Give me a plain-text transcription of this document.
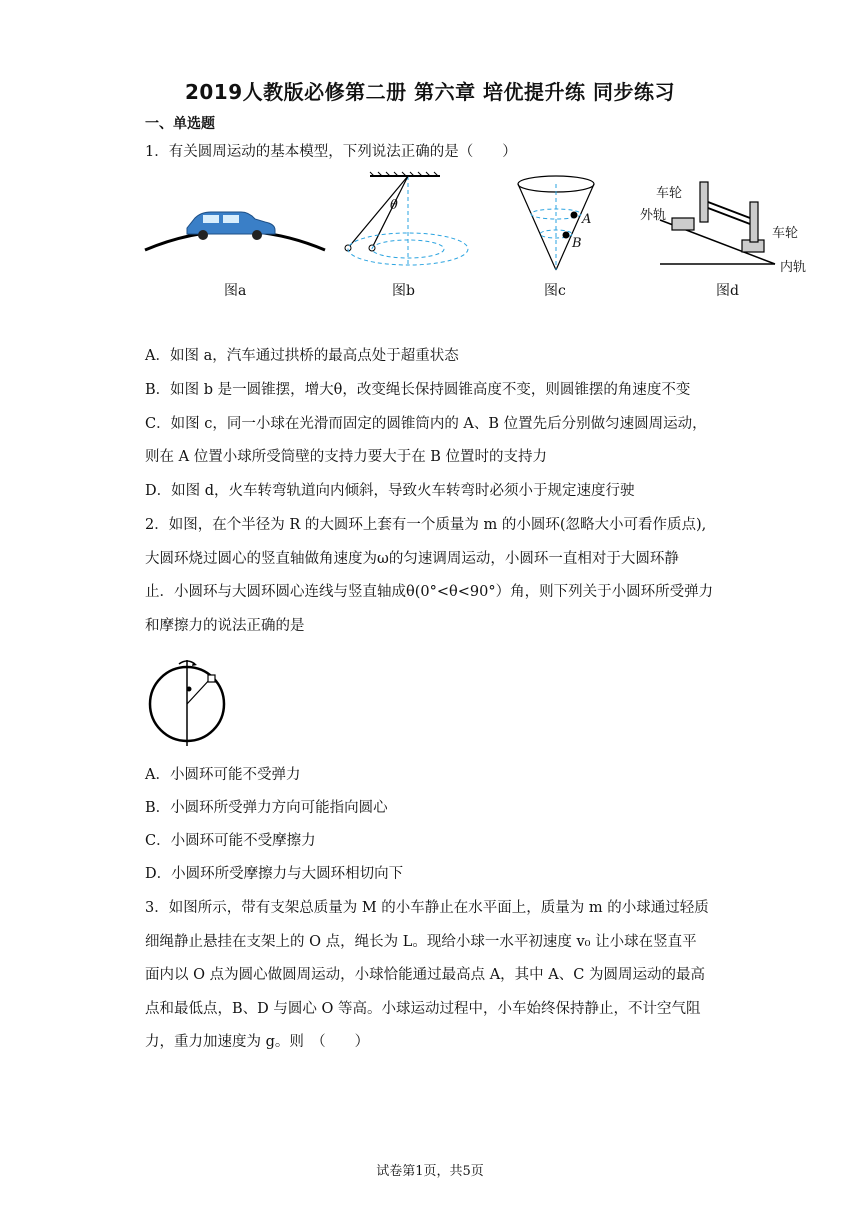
2019人教版必修第二册 第六章 培优提升练 同步练习
一、单选题
1．有关圆周运动的基本模型，下列说法正确的是（　　）
图a
θ
图b
A
B
图c
车轮
外轨
车轮
内轨
图d
A．如图 a，汽车通过拱桥的最高点处于超重状态
B．如图 b 是一圆锥摆，增大θ，改变绳长保持圆锥高度不变，则圆锥摆的角速度不变
C．如图 c，同一小球在光滑而固定的圆锥筒内的 A、B 位置先后分别做匀速圆周运动，
则在 A 位置小球所受筒壁的支持力要大于在 B 位置时的支持力
D．如图 d，火车转弯轨道向内倾斜，导致火车转弯时必须小于规定速度行驶
2．如图，在个半径为 R 的大圆环上套有一个质量为 m 的小圆环(忽略大小可看作质点),
大圆环烧过圆心的竖直轴做角速度为ω的匀速调周运动，小圆环一直相对于大圆环静
止．小圆环与大圆环圆心连线与竖直轴成θ(0°<θ<90°）角，则下列关于小圆环所受弹力
和摩擦力的说法正确的是
A．小圆环可能不受弹力
B．小圆环所受弹力方向可能指向圆心
C．小圆环可能不受摩擦力
D．小圆环所受摩擦力与大圆环相切向下
3．如图所示，带有支架总质量为 M 的小车静止在水平面上，质量为 m 的小球通过轻质
细绳静止悬挂在支架上的 O 点，绳长为 L。现给小球一水平初速度 v₀ 让小球在竖直平
面内以 O 点为圆心做圆周运动，小球恰能通过最高点 A，其中 A、C 为圆周运动的最高
点和最低点，B、D 与圆心 O 等高。小球运动过程中，小车始终保持静止，不计空气阻
力，重力加速度为 g。则　（　　）
试卷第1页，共5页
